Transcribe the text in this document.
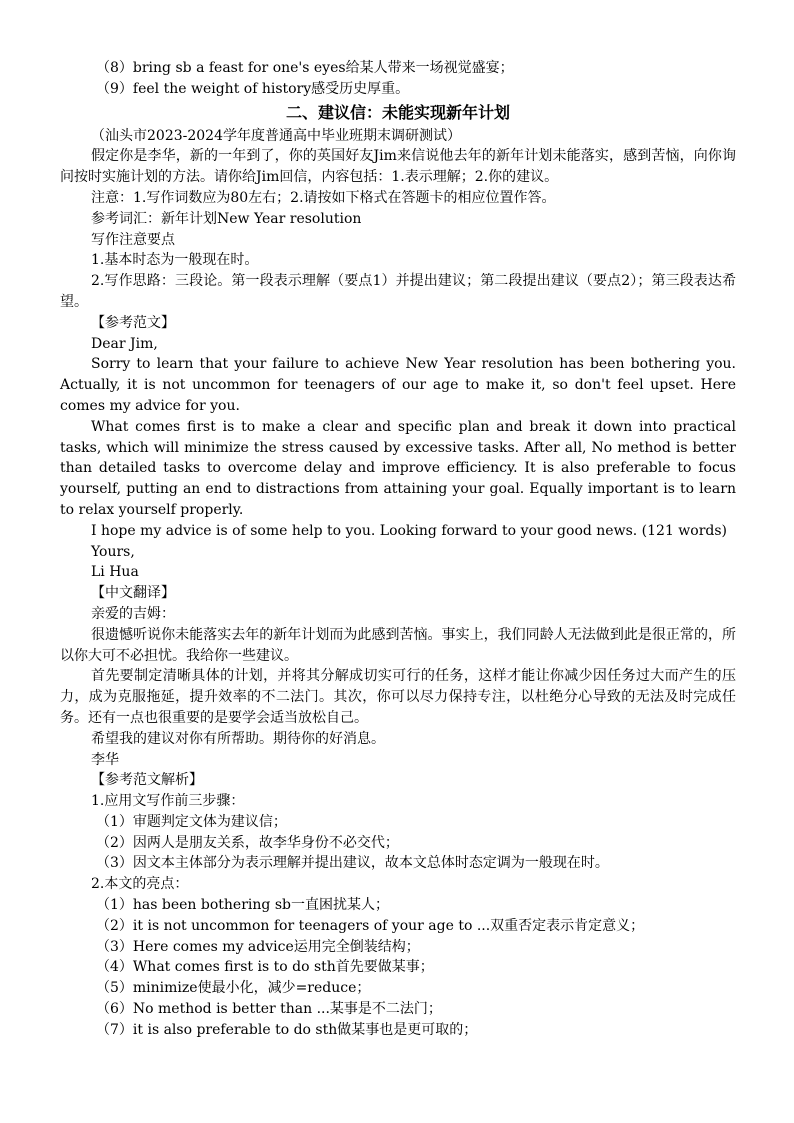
（8）bring sb a feast for one's eyes给某人带来一场视觉盛宴；

（9）feel the weight of history感受历史厚重。

二、建议信：未能实现新年计划

（汕头市2023-2024学年度普通高中毕业班期末调研测试）

假定你是李华，新的一年到了，你的英国好友Jim来信说他去年的新年计划未能落实，感到苦恼，向你询问按时实施计划的方法。请你给Jim回信，内容包括：1.表示理解；2.你的建议。

注意：1.写作词数应为80左右；2.请按如下格式在答题卡的相应位置作答。

参考词汇：新年计划New Year resolution

写作注意要点

1.基本时态为一般现在时。

2.写作思路：三段论。第一段表示理解（要点1）并提出建议；第二段提出建议（要点2）；第三段表达希望。

【参考范文】

Dear Jim,

Sorry to learn that your failure to achieve New Year resolution has been bothering you. Actually, it is not uncommon for teenagers of our age to make it, so don't feel upset. Here comes my advice for you.

What comes first is to make a clear and specific plan and break it down into practical tasks, which will minimize the stress caused by excessive tasks. After all, No method is better than detailed tasks to overcome delay and improve efficiency. It is also preferable to focus yourself, putting an end to distractions from attaining your goal. Equally important is to learn to relax yourself properly.

I hope my advice is of some help to you. Looking forward to your good news. (121 words)

Yours,

Li Hua

【中文翻译】

亲爱的吉姆：

很遗憾听说你未能落实去年的新年计划而为此感到苦恼。事实上，我们同龄人无法做到此是很正常的，所以你大可不必担忧。我给你一些建议。

首先要制定清晰具体的计划，并将其分解成切实可行的任务，这样才能让你减少因任务过大而产生的压力，成为克服拖延，提升效率的不二法门。其次，你可以尽力保持专注，以杜绝分心导致的无法及时完成任务。还有一点也很重要的是要学会适当放松自己。

希望我的建议对你有所帮助。期待你的好消息。

李华

【参考范文解析】

1.应用文写作前三步骤：

（1）审题判定文体为建议信；

（2）因两人是朋友关系，故李华身份不必交代；

（3）因文本主体部分为表示理解并提出建议，故本文总体时态定调为一般现在时。

2.本文的亮点：

（1）has been bothering sb一直困扰某人；

（2）it is not uncommon for teenagers of your age to ...双重否定表示肯定意义；

（3）Here comes my advice运用完全倒装结构；

（4）What comes first is to do sth首先要做某事；

（5）minimize使最小化，减少=reduce；

（6）No method is better than ...某事是不二法门；

（7）it is also preferable to do sth做某事也是更可取的；
